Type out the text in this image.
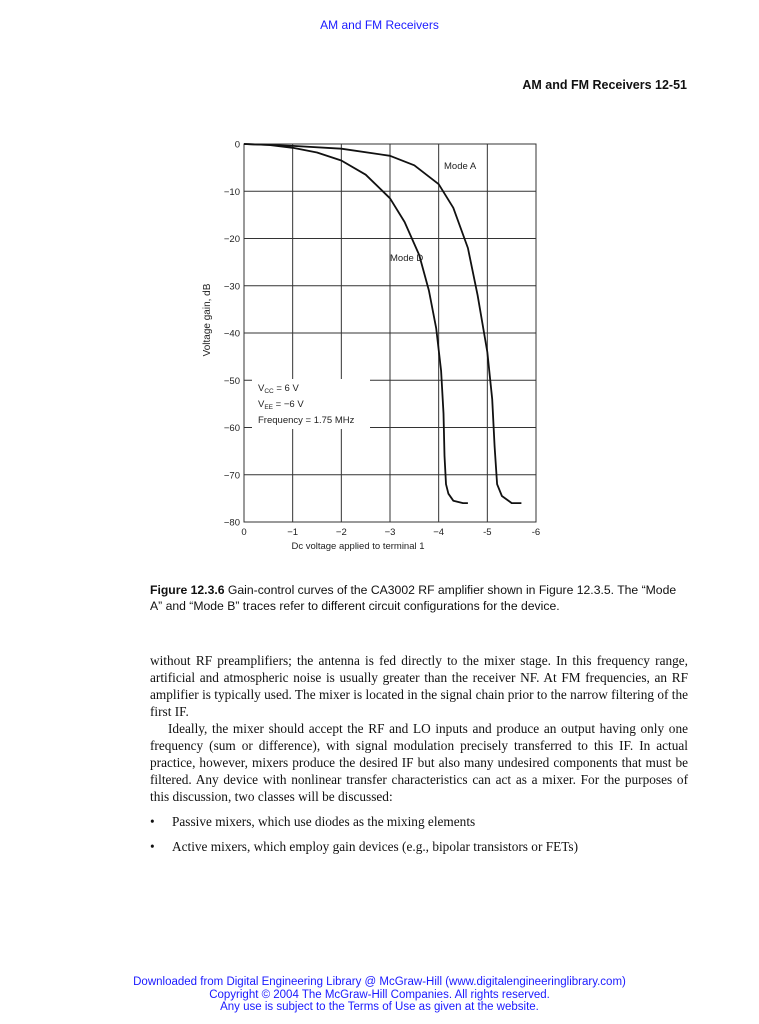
AM and FM Receivers
AM and FM Receivers 12-51
0	−1	−2	−3	−4	-5	-6
0
−10
−20
−30
−40
−50
−60
−70
−80
Voltage gain, dB
Dc voltage applied to terminal 1
Mode A
Mode D
$V_{CC} = 6$ V
$V_{EE} = -6$ V
Frequency = 1.75 MHz
Figure 12.3.6 Gain-control curves of the CA3002 RF amplifier shown in Figure 12.3.5. The “Mode A” and “Mode B” traces refer to different circuit configurations for the device.

without RF preamplifiers; the antenna is fed directly to the mixer stage. In this frequency range, artificial and atmospheric noise is usually greater than the receiver NF. At FM frequencies, an RF amplifier is typically used. The mixer is located in the signal chain prior to the narrow filtering of the first IF.

Ideally, the mixer should accept the RF and LO inputs and produce an output having only one frequency (sum or difference), with signal modulation precisely transferred to this IF. In actual practice, however, mixers produce the desired IF but also many undesired components that must be filtered. Any device with nonlinear transfer characteristics can act as a mixer. For the purposes of this discussion, two classes will be discussed:

• Passive mixers, which use diodes as the mixing elements
• Active mixers, which employ gain devices (e.g., bipolar transistors or FETs)
Downloaded from Digital Engineering Library @ McGraw-Hill (www.digitalengineeringlibrary.com)
Copyright © 2004 The McGraw-Hill Companies. All rights reserved.
Any use is subject to the Terms of Use as given at the website.
